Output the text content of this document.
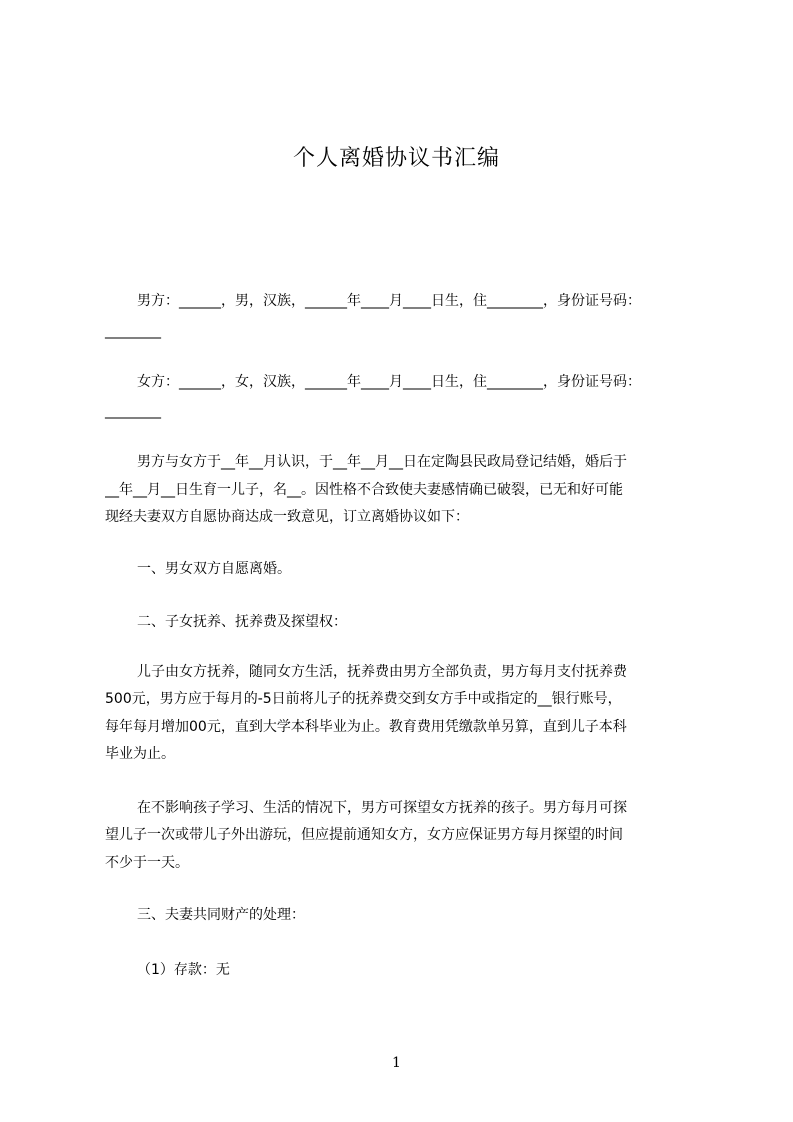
个人离婚协议书汇编
男方：______，男，汉族，______年____月____日生，住________，身份证号码：
________
女方：______，女，汉族，______年____月____日生，住________，身份证号码：
________
男方与女方于__年__月认识，于__年__月__日在定陶县民政局登记结婚，婚后于
__年__月__日生育一儿子，名__。因性格不合致使夫妻感情确已破裂，已无和好可能
现经夫妻双方自愿协商达成一致意见，订立离婚协议如下：
一、男女双方自愿离婚。
二、子女抚养、抚养费及探望权：
儿子由女方抚养，随同女方生活，抚养费由男方全部负责，男方每月支付抚养费
500元，男方应于每月的-5日前将儿子的抚养费交到女方手中或指定的__银行账号，
每年每月增加00元，直到大学本科毕业为止。教育费用凭缴款单另算，直到儿子本科
毕业为止。
在不影响孩子学习、生活的情况下，男方可探望女方抚养的孩子。男方每月可探
望儿子一次或带儿子外出游玩，但应提前通知女方，女方应保证男方每月探望的时间
不少于一天。
三、夫妻共同财产的处理：
（1）存款：无
1
